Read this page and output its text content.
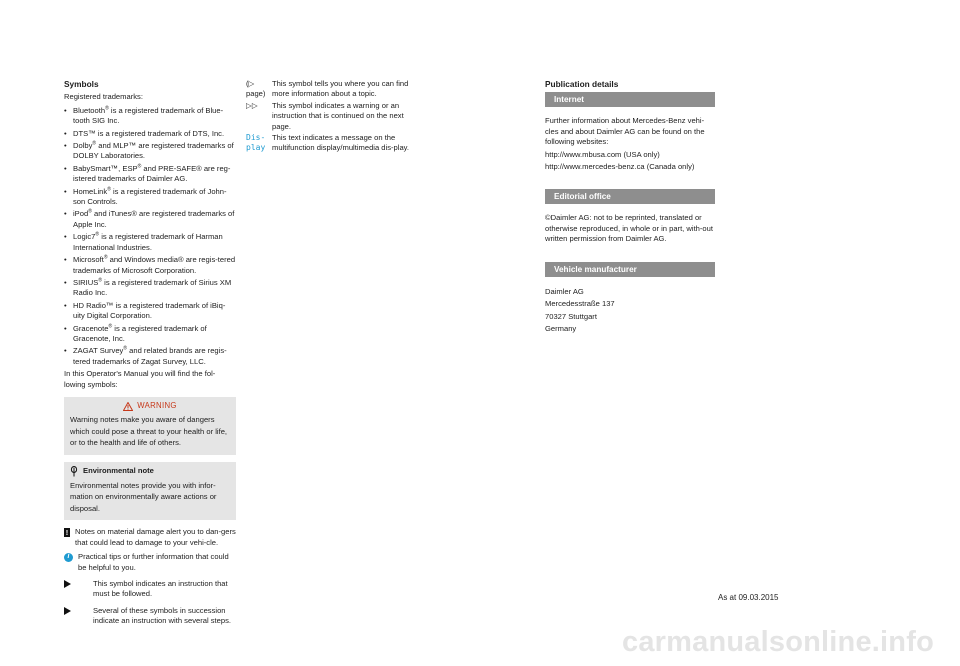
Symbols

Registered trademarks:

• Bluetooth® is a registered trademark of Blue-tooth SIG Inc.
• DTS™ is a registered trademark of DTS, Inc.
• Dolby® and MLP™ are registered trademarks of DOLBY Laboratories.
• BabySmart™, ESP® and PRE-SAFE® are reg-istered trademarks of Daimler AG.
• HomeLink® is a registered trademark of John-son Controls.
• iPod® and iTunes® are registered trademarks of Apple Inc.
• Logic7® is a registered trademark of Harman International Industries.
• Microsoft® and Windows media® are regis-tered trademarks of Microsoft Corporation.
• SIRIUS® is a registered trademark of Sirius XM Radio Inc.
• HD Radio™ is a registered trademark of iBiq-uity Digital Corporation.
• Gracenote® is a registered trademark of Gracenote, Inc.
• ZAGAT Survey® and related brands are regis-tered trademarks of Zagat Survey, LLC.

In this Operator's Manual you will find the fol-lowing symbols:

WARNING

Warning notes make you aware of dangers which could pose a threat to your health or life, or to the health and life of others.

Environmental note

Environmental notes provide you with infor-mation on environmentally aware actions or disposal.

! Notes on material damage alert you to dan-gers that could lead to damage to your vehi-cle.

i	Practical tips or further information that could be helpful to you.

This symbol indicates an instruction that must be followed.

Several of these symbols in succession indicate an instruction with several steps.

(▷ page)

This symbol tells you where you can find more information about a topic.

▷▷	This symbol indicates a warning or an instruction that is continued on the next page.

Dis- play

This text indicates a message on the multifunction display/multimedia dis-play.

Publication details

Internet

Further information about Mercedes-Benz vehi-cles and about Daimler AG can be found on the following websites:

http://www.mbusa.com (USA only)

http://www.mercedes-benz.ca (Canada only)

Editorial office

©Daimler AG: not to be reprinted, translated or otherwise reproduced, in whole or in part, with-out written permission from Daimler AG.

Vehicle manufacturer

Daimler AG

Mercedesstraße 137

70327 Stuttgart

Germany

As at 09.03.2015

carmanualsonline.info
